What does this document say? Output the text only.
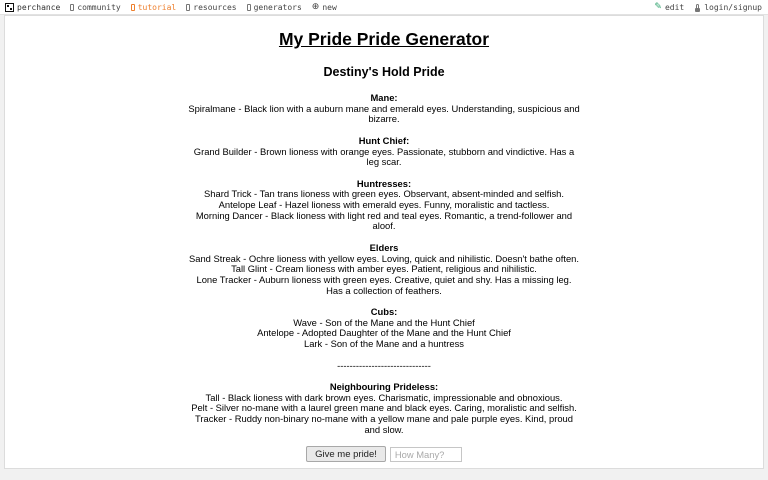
perchance community tutorial resources generators ⊕ new	✎ edit	login/signup
My Pride Pride Generator
Destiny's Hold Pride
Mane:
Spiralmane - Black lion with a auburn mane and emerald eyes. Understanding, suspicious and
bizarre.
Hunt Chief:
Grand Builder - Brown lioness with orange eyes. Passionate, stubborn and vindictive. Has a
leg scar.
Huntresses:
Shard Trick - Tan trans lioness with green eyes. Observant, absent-minded and selfish.
Antelope Leaf - Hazel lioness with emerald eyes. Funny, moralistic and tactless.
Morning Dancer - Black lioness with light red and teal eyes. Romantic, a trend-follower and
aloof.
Elders
Sand Streak - Ochre lioness with yellow eyes. Loving, quick and nihilistic. Doesn't bathe often.
Tall Glint - Cream lioness with amber eyes. Patient, religious and nihilistic.
Lone Tracker - Auburn lioness with green eyes. Creative, quiet and shy. Has a missing leg.
Has a collection of feathers.
Cubs:
Wave - Son of the Mane and the Hunt Chief
Antelope - Adopted Daughter of the Mane and the Hunt Chief
Lark - Son of the Mane and a huntress
------------------------------
Neighbouring Prideless:
Tall - Black lioness with dark brown eyes. Charismatic, impressionable and obnoxious.
Pelt - Silver no-mane with a laurel green mane and black eyes. Caring, moralistic and selfish.
Tracker - Ruddy non-binary no-mane with a yellow mane and pale purple eyes. Kind, proud
and slow.
Give me pride!
How Many?
